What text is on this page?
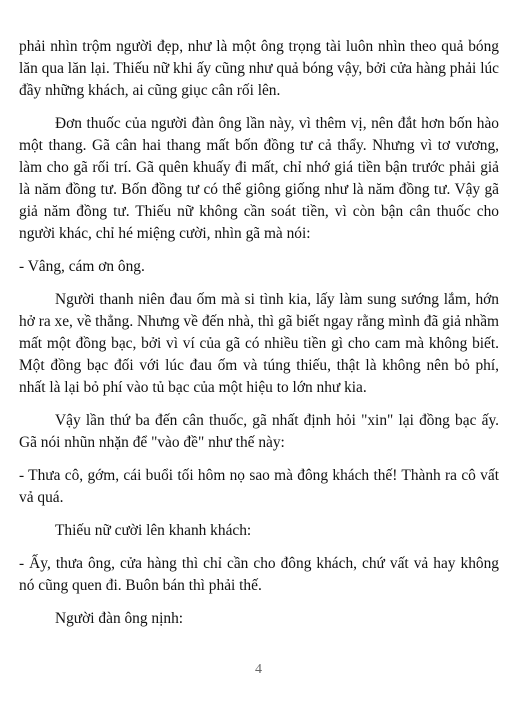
phải nhìn trộm người đẹp, như là một ông trọng tài luôn nhìn theo quả bóng lăn qua lăn lại. Thiếu nữ khi ấy cũng như quả bóng vậy, bởi cửa hàng phải lúc đầy những khách, ai cũng giục cân rối lên.

Đơn thuốc của người đàn ông lần này, vì thêm vị, nên đắt hơn bốn hào một thang. Gã cân hai thang mất bốn đồng tư cả thẩy. Nhưng vì tơ vương, làm cho gã rối trí. Gã quên khuấy đi mất, chỉ nhớ giá tiền bận trước phải giả là năm đồng tư. Bốn đồng tư có thể giông giống như là năm đồng tư. Vậy gã giả năm đồng tư. Thiếu nữ không cần soát tiền, vì còn bận cân thuốc cho người khác, chỉ hé miệng cười, nhìn gã mà nói:

- Vâng, cám ơn ông.

Người thanh niên đau ốm mà si tình kia, lấy làm sung sướng lắm, hớn hở ra xe, về thẳng. Nhưng về đến nhà, thì gã biết ngay rằng mình đã giả nhầm mất một đồng bạc, bởi vì ví của gã có nhiều tiền gì cho cam mà không biết. Một đồng bạc đối với lúc đau ốm và túng thiếu, thật là không nên bỏ phí, nhất là lại bỏ phí vào tủ bạc của một hiệu to lớn như kia.

Vậy lần thứ ba đến cân thuốc, gã nhất định hỏi "xin" lại đồng bạc ấy. Gã nói nhũn nhặn để "vào đề" như thế này:

- Thưa cô, gớm, cái buổi tối hôm nọ sao mà đông khách thế! Thành ra cô vất vả quá.

Thiếu nữ cười lên khanh khách:

- Ấy, thưa ông, cửa hàng thì chỉ cần cho đông khách, chứ vất vả hay không nó cũng quen đi. Buôn bán thì phải thế.

Người đàn ông nịnh:

4
